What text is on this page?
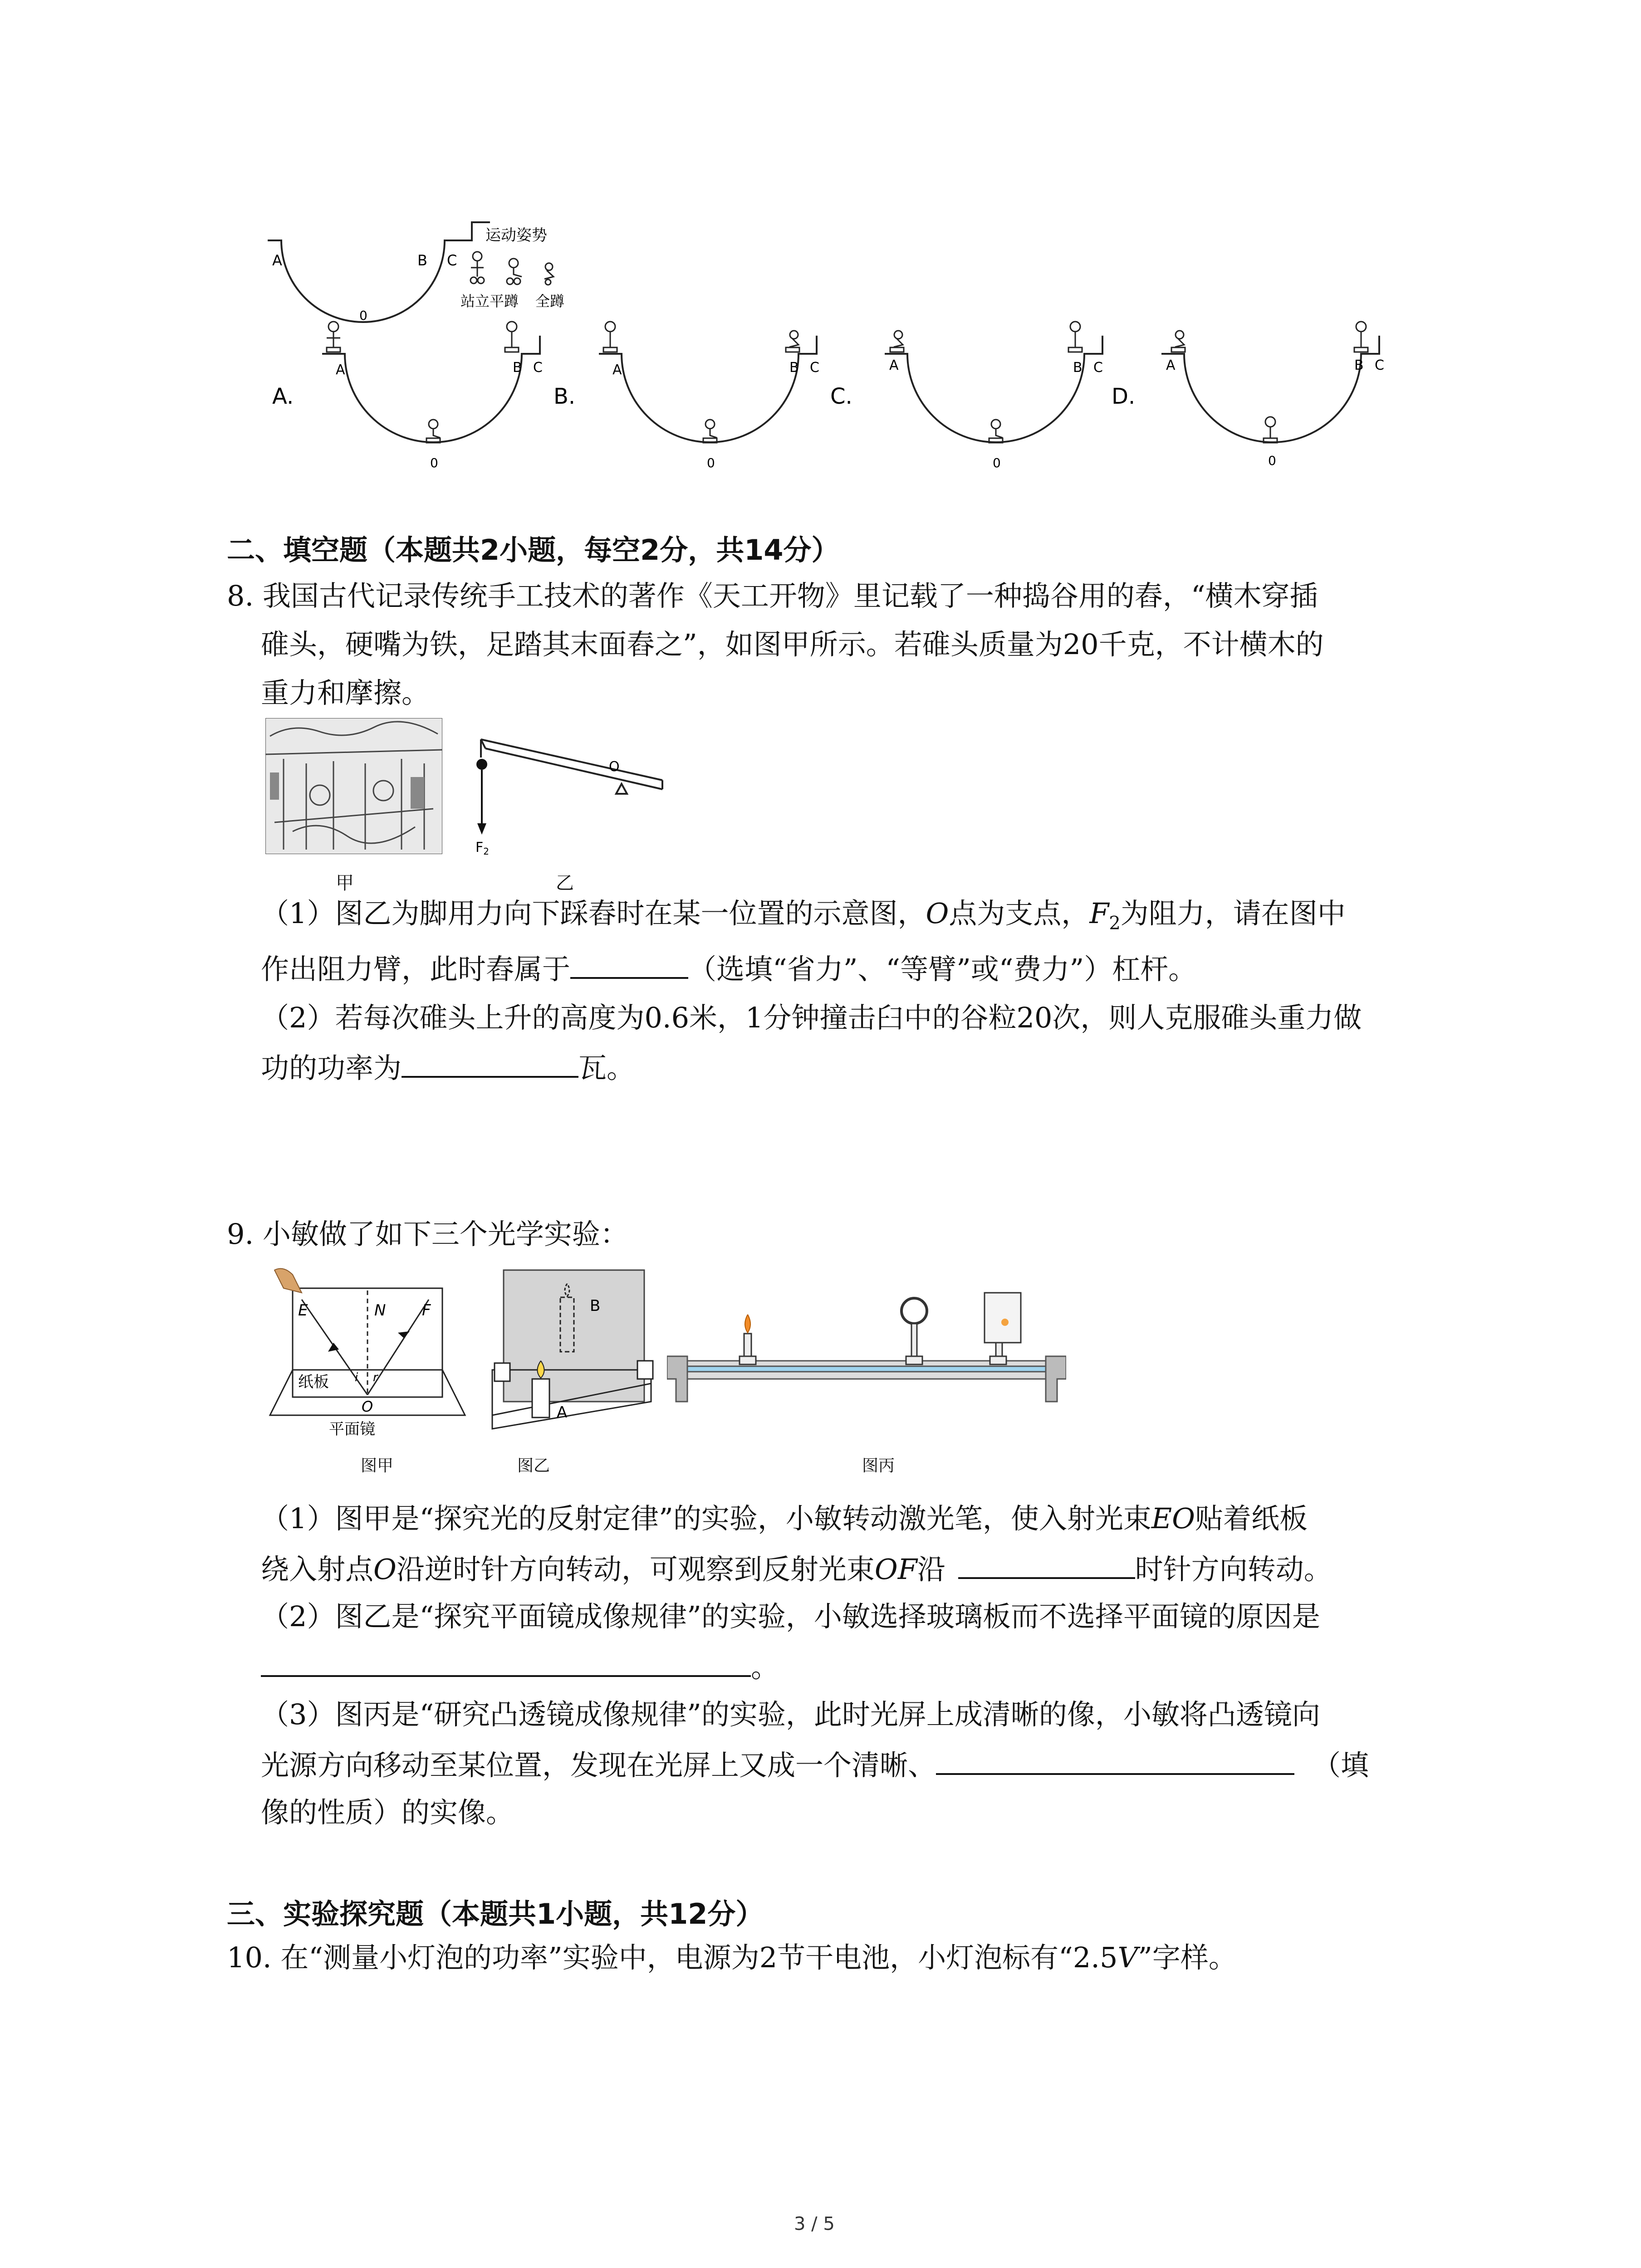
A	B C
0
运动姿势
站立平蹲 全蹲
A.	B.	C.	D.
A	B C
0
A	B C
0
A	B C
0
A	B C
0
二、填空题（本题共2小题，每空2分，共14分）
8. 我国古代记录传统手工技术的著作《天工开物》里记载了一种捣谷用的舂，“横木穿插
碓头，硬嘴为铁，足踏其末面舂之”，如图甲所示。若碓头质量为20千克，不计横木的
重力和摩擦。
甲
O
$F_2$
乙
（1）图乙为脚用力向下踩舂时在某一位置的示意图，O点为支点，$F_2$为阻力，请在图中
作出阻力臂，此时舂属于	（选填“省力”、“等臂”或“费力”）杠杆。
（2）若每次碓头上升的高度为0.6米，1分钟撞击臼中的谷粒20次，则人克服碓头重力做
功的功率为	瓦。
9. 小敏做了如下三个光学实验：
E	N F
i r
O
纸板
平面镜
图甲
B
A
图乙	图丙
（1）图甲是“探究光的反射定律”的实验，小敏转动激光笔，使入射光束EO贴着纸板
绕入射点O沿逆时针方向转动，可观察到反射光束OF沿	时针方向转动。
（2）图乙是“探究平面镜成像规律”的实验，小敏选择玻璃板而不选择平面镜的原因是
。
（3）图丙是“研究凸透镜成像规律”的实验，此时光屏上成清晰的像，小敏将凸透镜向
光源方向移动至某位置，发现在光屏上又成一个清晰、	（填
像的性质）的实像。
三、实验探究题（本题共1小题，共12分）
10. 在“测量小灯泡的功率”实验中，电源为2节干电池，小灯泡标有“2.5V”字样。
3 / 5
